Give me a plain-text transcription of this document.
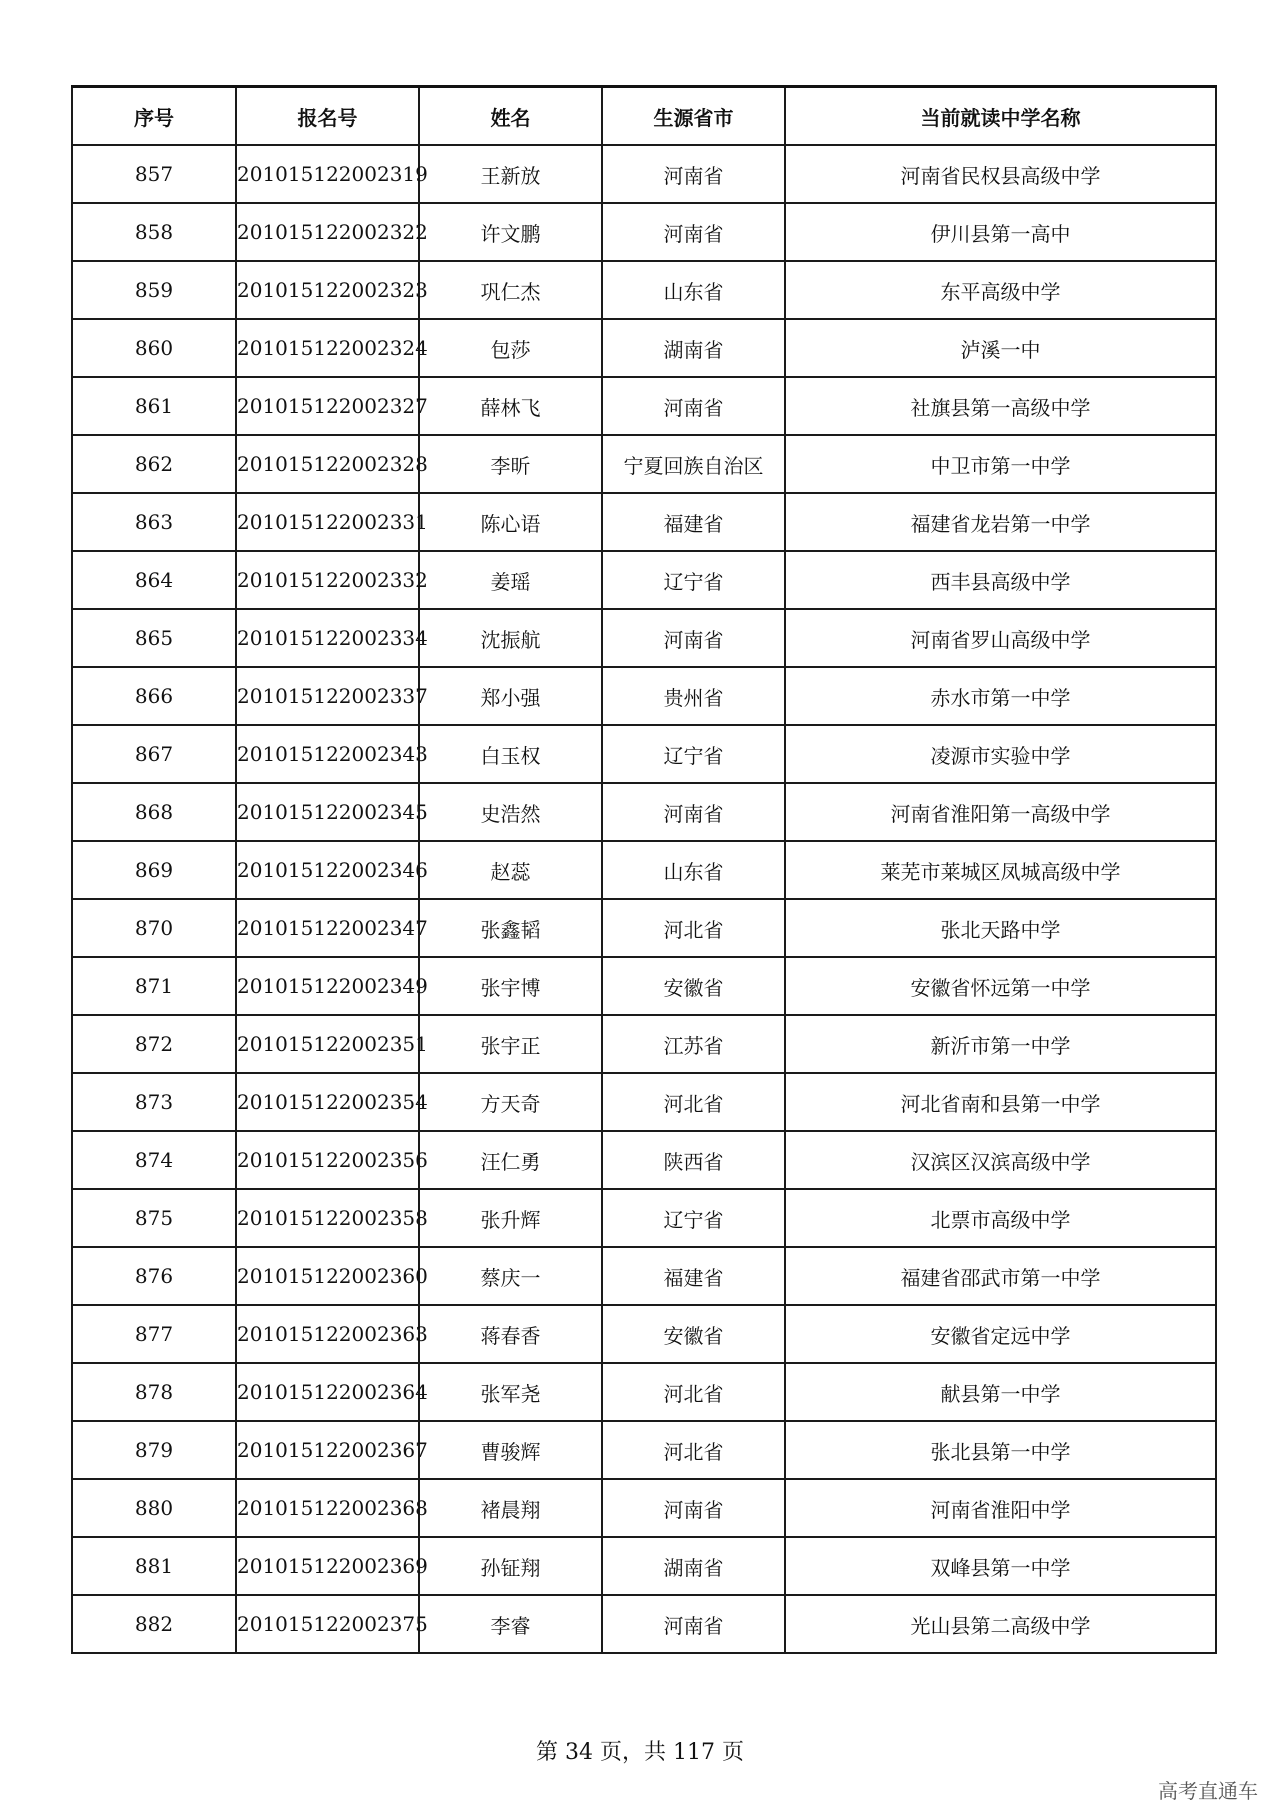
序号	报名号	姓名	生源省市	当前就读中学名称
857	201015122002319	王新放	河南省	河南省民权县高级中学
858	201015122002322	许文鹏	河南省	伊川县第一高中
859	201015122002323	巩仁杰	山东省	东平高级中学
860	201015122002324	包莎	湖南省	泸溪一中
861	201015122002327	薛林飞	河南省	社旗县第一高级中学
862	201015122002328	李昕	宁夏回族自治区	中卫市第一中学
863	201015122002331	陈心语	福建省	福建省龙岩第一中学
864	201015122002332	姜瑶	辽宁省	西丰县高级中学
865	201015122002334	沈振航	河南省	河南省罗山高级中学
866	201015122002337	郑小强	贵州省	赤水市第一中学
867	201015122002343	白玉权	辽宁省	凌源市实验中学
868	201015122002345	史浩然	河南省	河南省淮阳第一高级中学
869	201015122002346	赵蕊	山东省	莱芜市莱城区凤城高级中学
870	201015122002347	张鑫韬	河北省	张北天路中学
871	201015122002349	张宇博	安徽省	安徽省怀远第一中学
872	201015122002351	张宇正	江苏省	新沂市第一中学
873	201015122002354	方天奇	河北省	河北省南和县第一中学
874	201015122002356	汪仁勇	陕西省	汉滨区汉滨高级中学
875	201015122002358	张升辉	辽宁省	北票市高级中学
876	201015122002360	蔡庆一	福建省	福建省邵武市第一中学
877	201015122002363	蒋春香	安徽省	安徽省定远中学
878	201015122002364	张军尧	河北省	献县第一中学
879	201015122002367	曹骏辉	河北省	张北县第一中学
880	201015122002368	褚晨翔	河南省	河南省淮阳中学
881	201015122002369	孙钲翔	湖南省	双峰县第一中学
882	201015122002375	李睿	河南省	光山县第二高级中学
第 34 页，共 117 页
高考直通车
